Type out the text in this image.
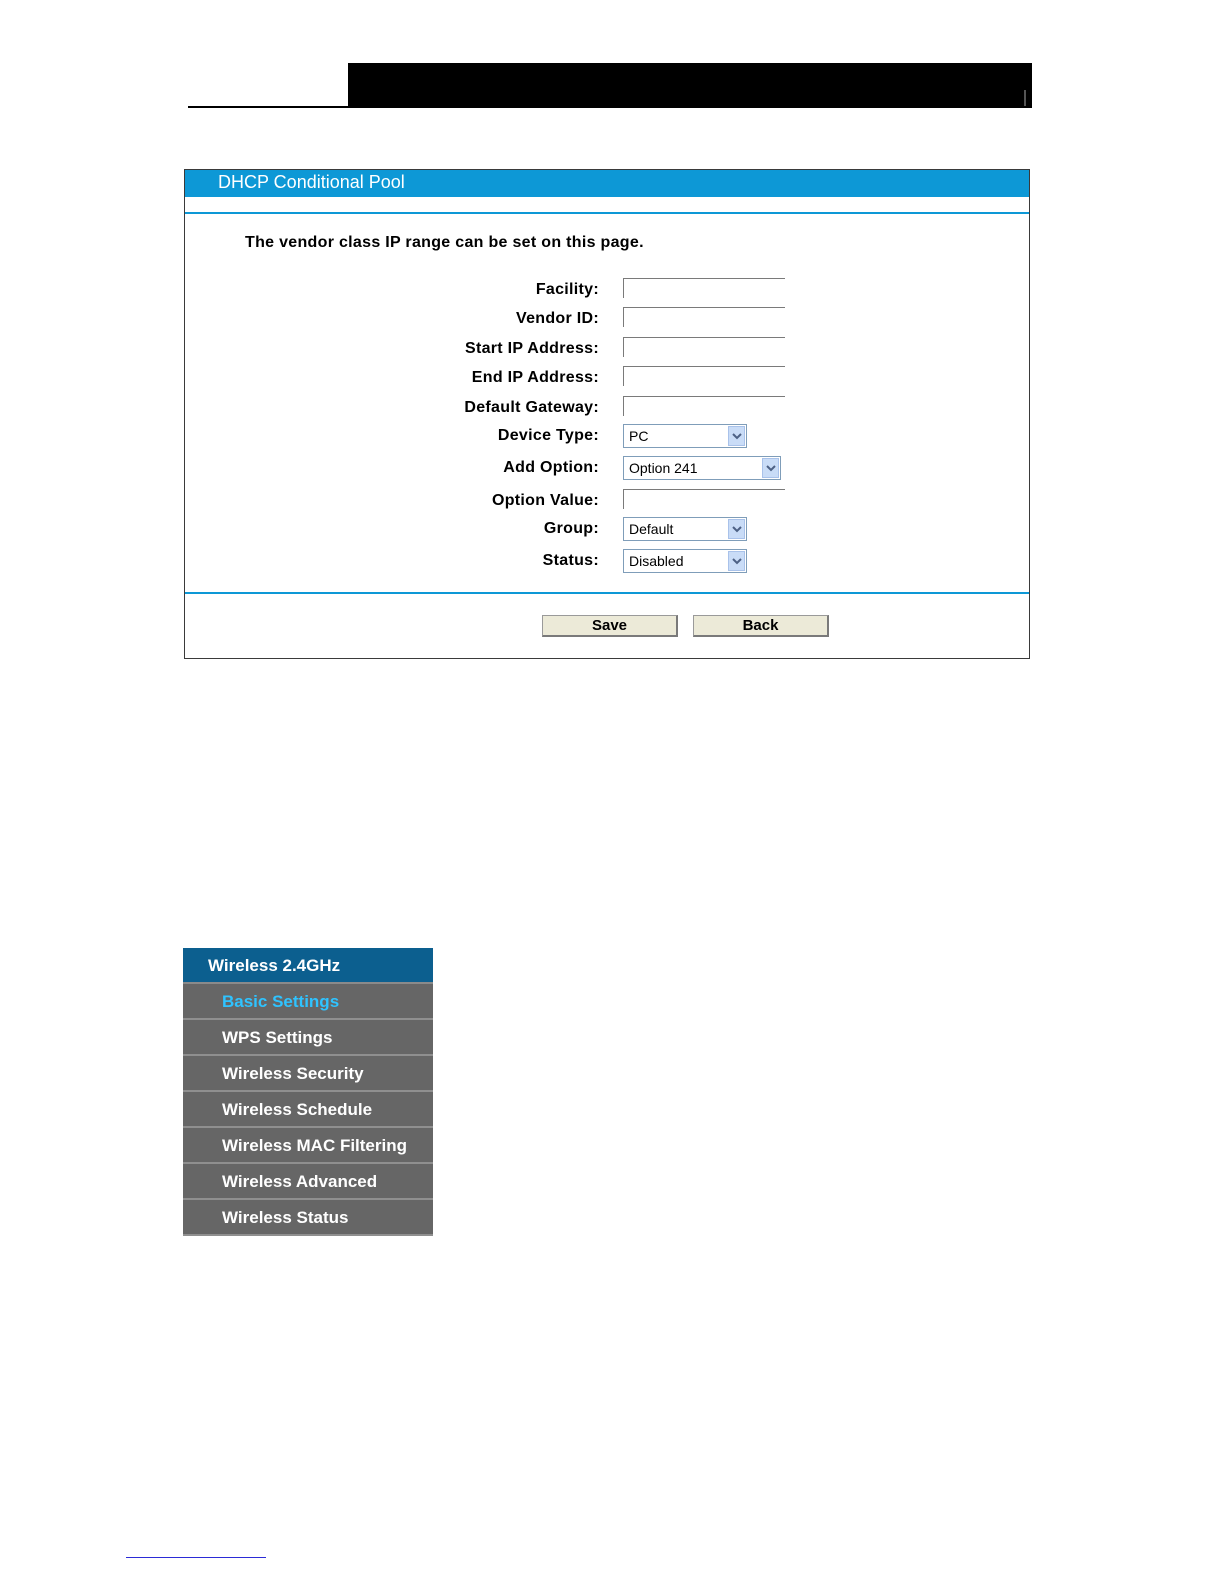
DHCP Conditional Pool
The vendor class IP range can be set on this page.
Facility:
Vendor ID:
Start IP Address:
End IP Address:
Default Gateway:
Device Type: PC
Add Option: Option 241
Option Value:
Group: Default
Status: Disabled
Save	Back
Wireless 2.4GHz
Basic Settings
WPS Settings
Wireless Security
Wireless Schedule
Wireless MAC Filtering
Wireless Advanced
Wireless Status
